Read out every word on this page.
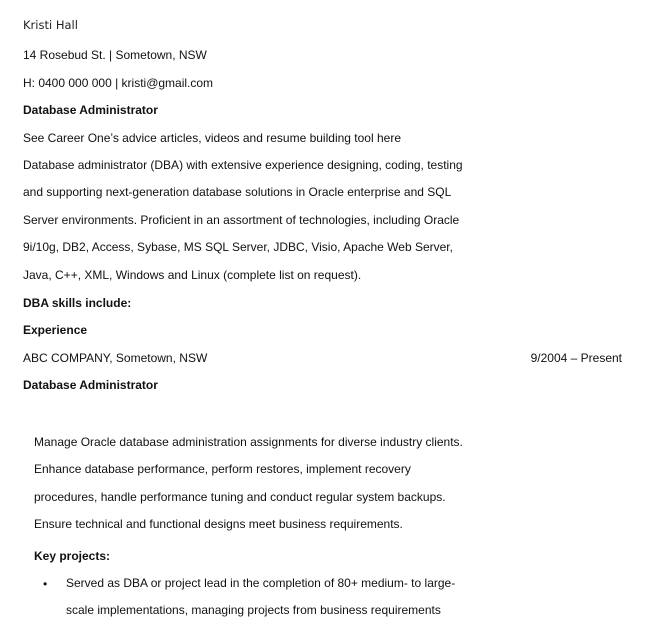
Kristi Hall
14 Rosebud St. | Sometown, NSW
H: 0400 000 000 | kristi@gmail.com
Database Administrator
See Career One’s advice articles, videos and resume building tool here
Database administrator (DBA) with extensive experience designing, coding, testing
and supporting next-generation database solutions in Oracle enterprise and SQL
Server environments. Proficient in an assortment of technologies, including Oracle
9i/10g, DB2, Access, Sybase, MS SQL Server, JDBC, Visio, Apache Web Server,
Java, C++, XML, Windows and Linux (complete list on request).
DBA skills include:
Experience
ABC COMPANY, Sometown, NSW	9/2004 – Present
Database Administrator
Manage Oracle database administration assignments for diverse industry clients.
Enhance database performance, perform restores, implement recovery
procedures, handle performance tuning and conduct regular system backups.
Ensure technical and functional designs meet business requirements.
Key projects:
• Served as DBA or project lead in the completion of 80+ medium- to large-
scale implementations, managing projects from business requirements
